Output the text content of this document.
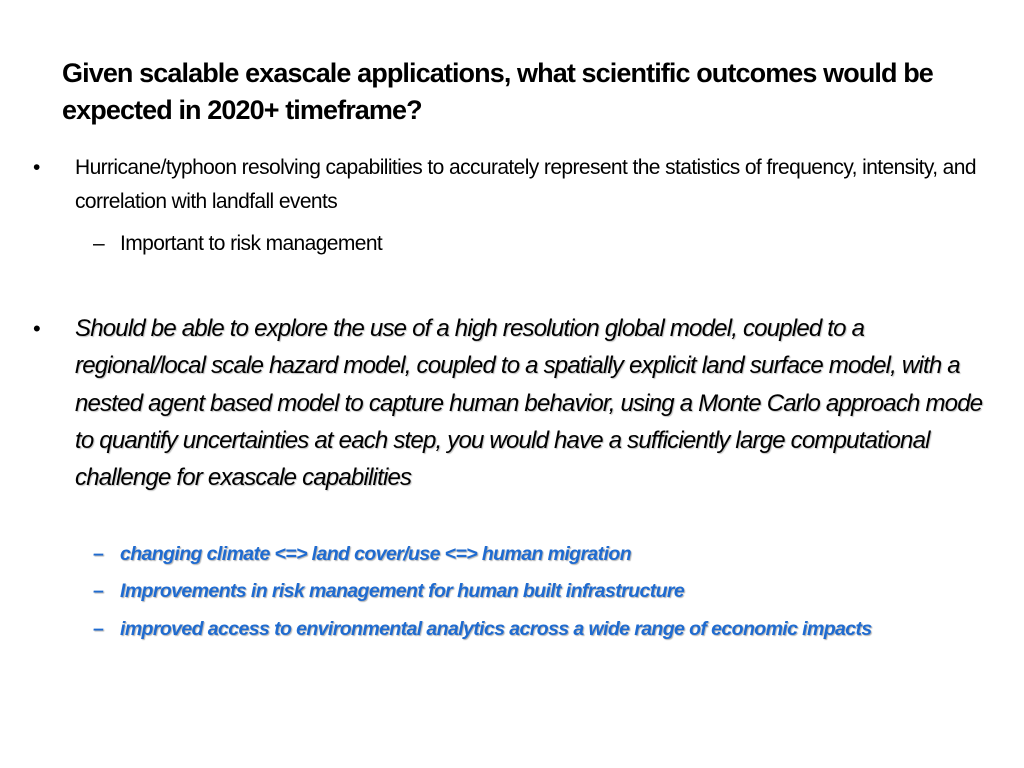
Given scalable exascale applications, what scientific outcomes would be expected in 2020+ timeframe?
• Hurricane/typhoon resolving capabilities to accurately represent the statistics of frequency, intensity, and correlation with landfall events
– Important to risk management
• Should be able to explore the use of a high resolution global model, coupled to a regional/local scale hazard model, coupled to a spatially explicit land surface model, with a nested agent based model to capture human behavior, using a Monte Carlo approach mode to quantify uncertainties at each step, you would have a sufficiently large computational challenge for exascale capabilities
– changing climate <=> land cover/use <=> human migration
– Improvements in risk management for human built infrastructure
– improved access to environmental analytics across a wide range of economic impacts
